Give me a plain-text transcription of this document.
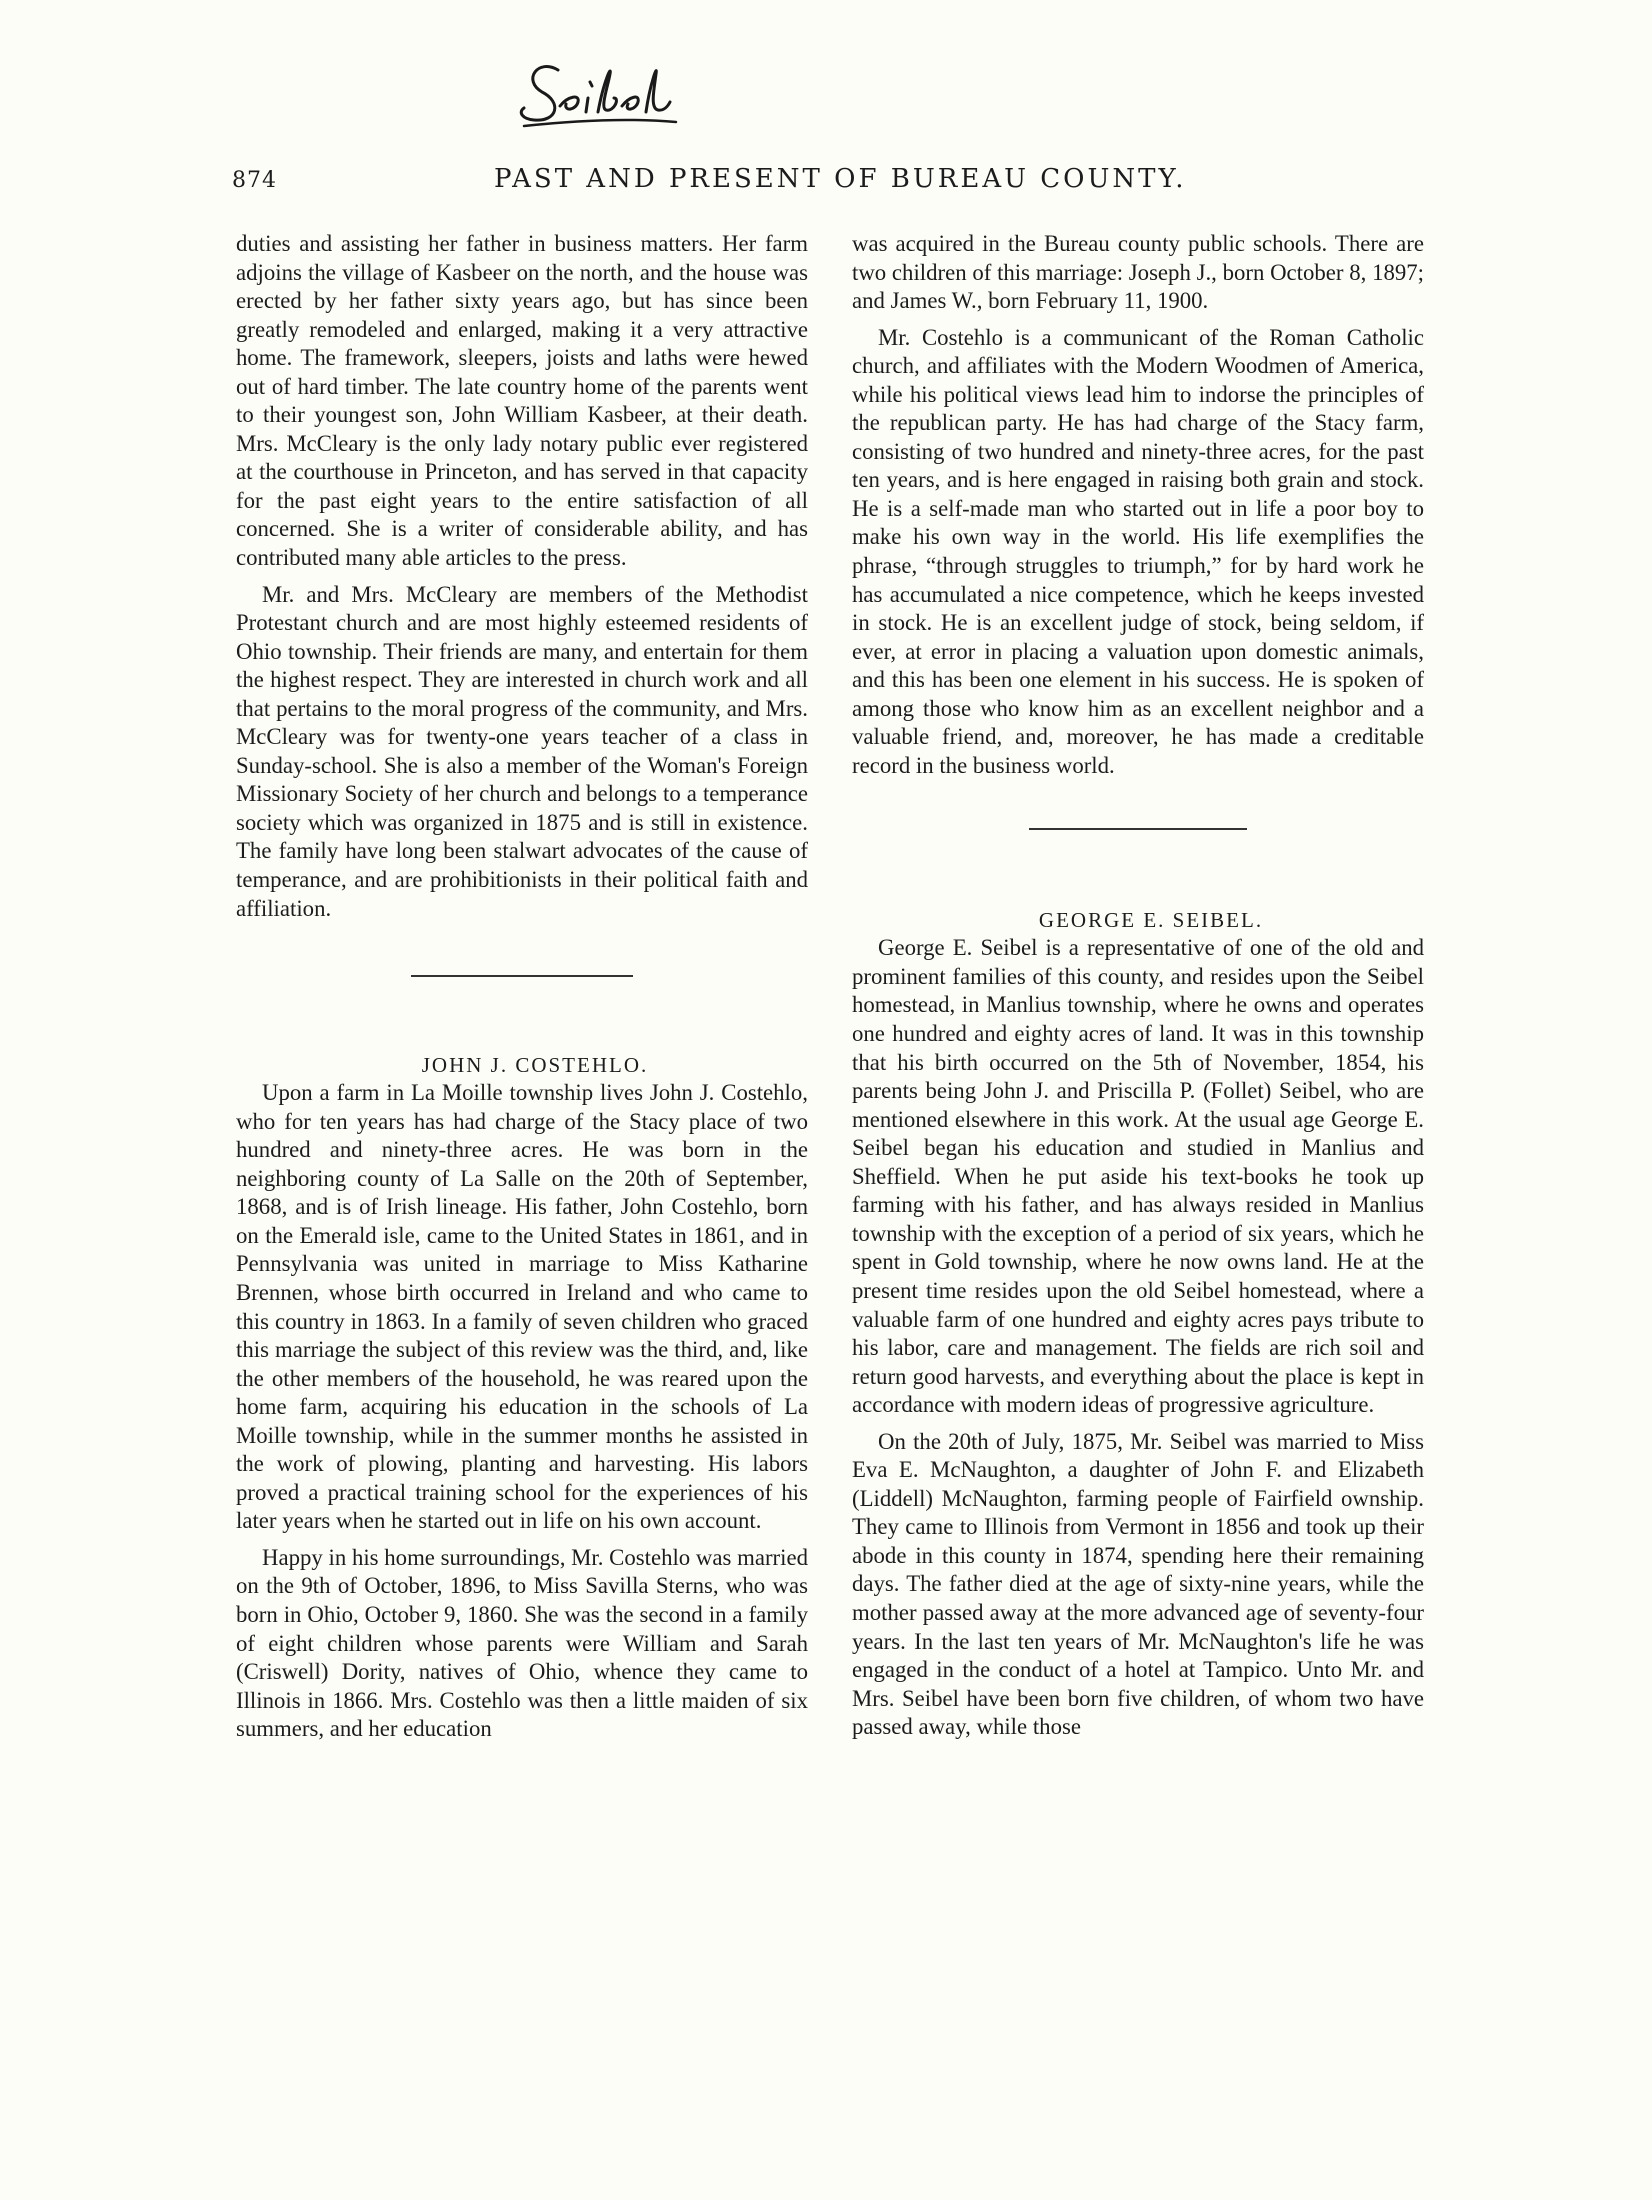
874	PAST AND PRESENT OF BUREAU COUNTY.

duties and assisting her father in business matters. Her farm adjoins the village of Kasbeer on the north, and the house was erected by her father sixty years ago, but has since been greatly remodeled and enlarged, making it a very attractive home. The framework, sleepers, joists and laths were hewed out of hard timber. The late country home of the parents went to their youngest son, John William Kasbeer, at their death. Mrs. McCleary is the only lady notary public ever registered at the courthouse in Princeton, and has served in that capacity for the past eight years to the entire satisfaction of all concerned. She is a writer of considerable ability, and has contributed many able articles to the press.

Mr. and Mrs. McCleary are members of the Methodist Protestant church and are most highly esteemed residents of Ohio township. Their friends are many, and entertain for them the highest respect. They are interested in church work and all that pertains to the moral progress of the community, and Mrs. McCleary was for twenty-one years teacher of a class in Sunday-school. She is also a member of the Woman's Foreign Missionary Society of her church and belongs to a temperance society which was organized in 1875 and is still in existence. The family have long been stalwart advocates of the cause of temperance, and are prohibitionists in their political faith and affiliation.

JOHN J. COSTEHLO.

Upon a farm in La Moille township lives John J. Costehlo, who for ten years has had charge of the Stacy place of two hundred and ninety-three acres. He was born in the neighboring county of La Salle on the 20th of September, 1868, and is of Irish lineage. His father, John Costehlo, born on the Emerald isle, came to the United States in 1861, and in Pennsylvania was united in marriage to Miss Katharine Brennen, whose birth occurred in Ireland and who came to this country in 1863. In a family of seven children who graced this marriage the subject of this review was the third, and, like the other members of the household, he was reared upon the home farm, acquiring his education in the schools of La Moille township, while in the summer months he assisted in the work of plowing, planting and harvesting. His labors proved a practical training school for the experiences of his later years when he started out in life on his own account.

Happy in his home surroundings, Mr. Costehlo was married on the 9th of October, 1896, to Miss Savilla Sterns, who was born in Ohio, October 9, 1860. She was the second in a family of eight children whose parents were William and Sarah (Criswell) Dority, natives of Ohio, whence they came to Illinois in 1866. Mrs. Costehlo was then a little maiden of six summers, and her education

was acquired in the Bureau county public schools. There are two children of this marriage: Joseph J., born October 8, 1897; and James W., born February 11, 1900.

Mr. Costehlo is a communicant of the Roman Catholic church, and affiliates with the Modern Woodmen of America, while his political views lead him to indorse the principles of the republican party. He has had charge of the Stacy farm, consisting of two hundred and ninety-three acres, for the past ten years, and is here engaged in raising both grain and stock. He is a self-made man who started out in life a poor boy to make his own way in the world. His life exemplifies the phrase, “through struggles to triumph,” for by hard work he has accumulated a nice competence, which he keeps invested in stock. He is an excellent judge of stock, being seldom, if ever, at error in placing a valuation upon domestic animals, and this has been one element in his success. He is spoken of among those who know him as an excellent neighbor and a valuable friend, and, moreover, he has made a creditable record in the business world.

GEORGE E. SEIBEL.

George E. Seibel is a representative of one of the old and prominent families of this county, and resides upon the Seibel homestead, in Manlius township, where he owns and operates one hundred and eighty acres of land. It was in this township that his birth occurred on the 5th of November, 1854, his parents being John J. and Priscilla P. (Follet) Seibel, who are mentioned elsewhere in this work. At the usual age George E. Seibel began his education and studied in Manlius and Sheffield. When he put aside his text-books he took up farming with his father, and has always resided in Manlius township with the exception of a period of six years, which he spent in Gold township, where he now owns land. He at the present time resides upon the old Seibel homestead, where a valuable farm of one hundred and eighty acres pays tribute to his labor, care and management. The fields are rich soil and return good harvests, and everything about the place is kept in accordance with modern ideas of progressive agriculture.

On the 20th of July, 1875, Mr. Seibel was married to Miss Eva E. McNaughton, a daughter of John F. and Elizabeth (Liddell) McNaughton, farming people of Fairfield ownship. They came to Illinois from Vermont in 1856 and took up their abode in this county in 1874, spending here their remaining days. The father died at the age of sixty-nine years, while the mother passed away at the more advanced age of seventy-four years. In the last ten years of Mr. McNaughton's life he was engaged in the conduct of a hotel at Tampico. Unto Mr. and Mrs. Seibel have been born five children, of whom two have passed away, while those
